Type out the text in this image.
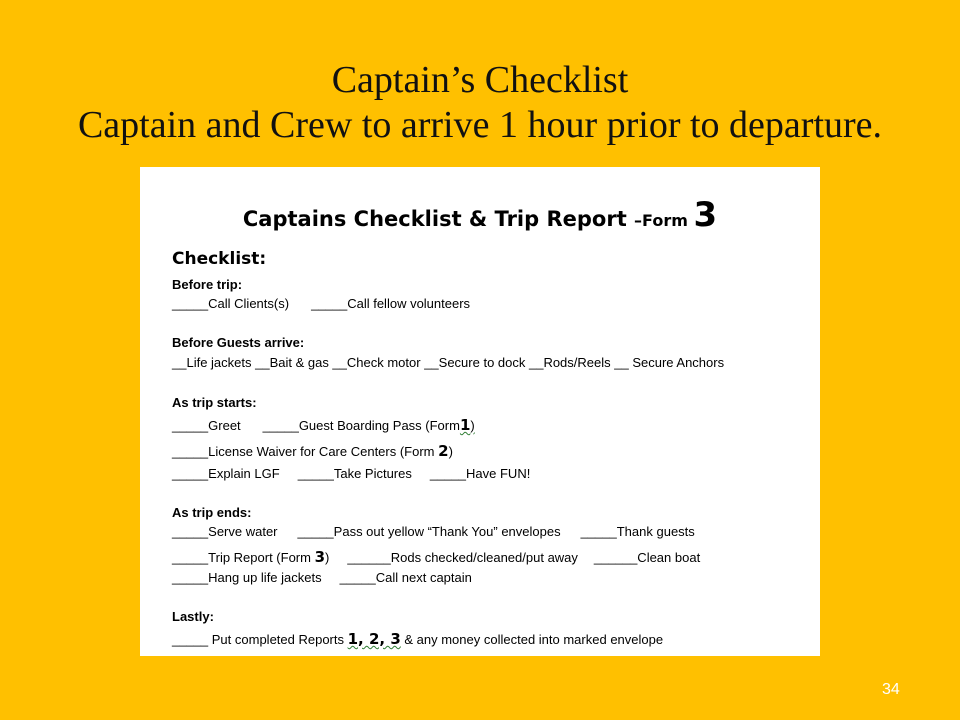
Captain’s Checklist
Captain and Crew to arrive 1 hour prior to departure.
Captains Checklist & Trip Report –Form 3
Checklist:
Before trip:
_____Call Clients(s) _____Call fellow volunteers
Before Guests arrive:
__Life jackets __Bait & gas __Check motor __Secure to dock __Rods/Reels __ Secure Anchors
As trip starts:
_____Greet _____Guest Boarding Pass (Form1)
_____License Waiver for Care Centers (Form 2)
_____Explain LGF _____Take Pictures _____Have FUN!
As trip ends:
_____Serve water _____Pass out yellow “Thank You” envelopes _____Thank guests
_____Trip Report (Form 3) ______Rods checked/cleaned/put away ______Clean boat
_____Hang up life jackets _____Call next captain
Lastly:
_____ Put completed Reports 1, 2, 3 & any money collected into marked envelope
34
